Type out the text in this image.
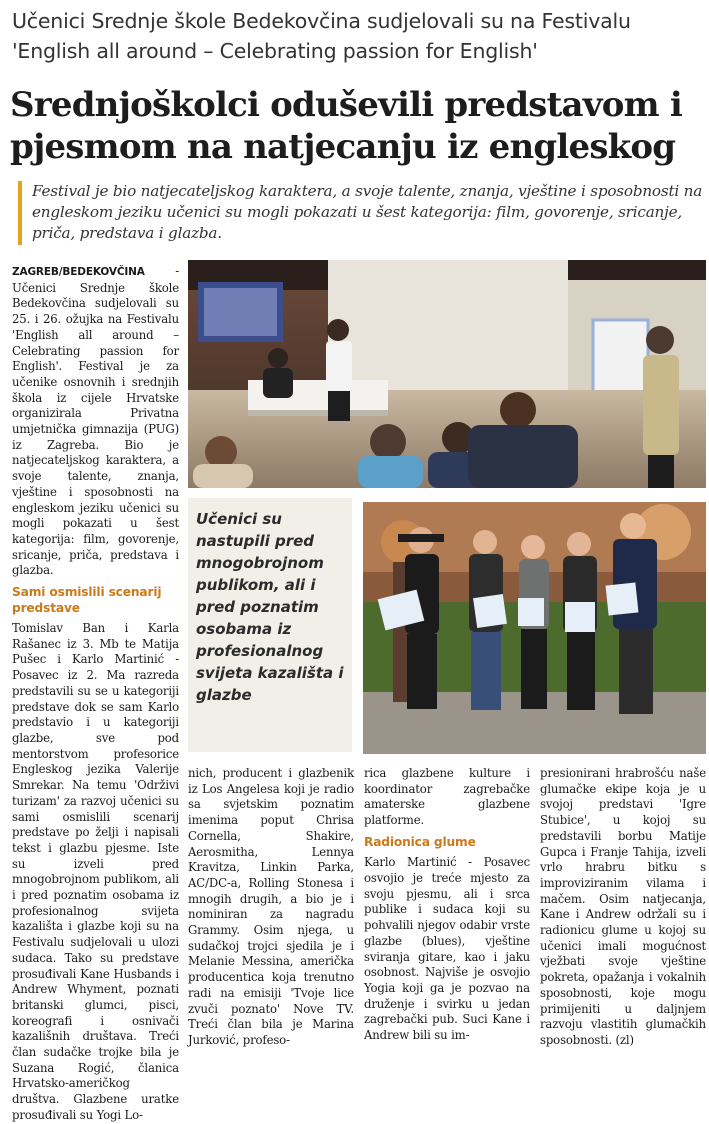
Učenici Srednje škole Bedekovčina sudjelovali su na Festivalu 'English all around – Celebrating passion for English'
Srednjoškolci oduševili predstavom i pjesmom na natjecanju iz engleskog
Festival je bio natjecateljskog karaktera, a svoje talente, znanja, vještine i sposobnosti na engleskom jeziku učenici su mogli pokazati u šest kategorija: film, govorenje, sricanje, priča, predstava i glazba.

ZAGREB/BEDEKOVČINA - Učenici Srednje škole Bedekovčina sudjelovali su 25. i 26. ožujka na Festivalu 'English all around – Celebrating passion for English'. Festival je za učenike osnovnih i srednjih škola iz cijele Hrvatske organizirala Privatna umjetnička gimnazija (PUG) iz Zagreba. Bio je natjecateljskog karaktera, a svoje talente, znanja, vještine i sposobnosti na engleskom jeziku učenici su mogli pokazati u šest kategorija: film, govorenje, sricanje, priča, predstava i glazba.

Sami osmislili scenarij predstave

Tomislav Ban i Karla Rašanec iz 3. Mb te Matija Pušec i Karlo Martinić - Posavec iz 2. Ma razreda predstavili su se u kategoriji predstave dok se sam Karlo predstavio i u kategoriji glazbe, sve pod mentorstvom profesorice Engleskog jezika Valerije Smrekar. Na temu 'Održivi turizam' za razvoj učenici su sami osmislili scenarij predstave po želji i napisali tekst i glazbu pjesme. Iste su izveli pred mnogobrojnom publikom, ali i pred poznatim osobama iz profesionalnog svijeta kazališta i glazbe koji su na Festivalu sudjelovali u ulozi sudaca. Tako su predstave prosuđivali Kane Husbands i Andrew Whyment, poznati britanski glumci, pisci, koreografi i osnivači kazališnih društava. Treći član sudačke trojke bila je Suzana Rogić, članica Hrvatsko-američkog društva. Glazbene uratke prosuđivali su Yogi Lo-

Učenici su nastupili pred mnogobrojnom publikom, ali i pred poznatim osobama iz profesionalnog svijeta kazališta i glazbe

nich, producent i glazbenik iz Los Angelesa koji je radio sa svjetskim poznatim imenima poput Chrisa Cornella, Shakire, Aerosmitha, Lennya Kravitza, Linkin Parka, AC/DC-a, Rolling Stonesa i mnogih drugih, a bio je i nominiran za nagradu Grammy. Osim njega, u sudačkoj trojci sjedila je i Melanie Messina, američka producentica koja trenutno radi na emisiji 'Tvoje lice zvuči poznato' Nove TV. Treći član bila je Marina Jurković, profeso-

rica glazbene kulture i koordinator zagrebačke amaterske glazbene platforme.

Radionica glume

Karlo Martinić - Posavec osvojio je treće mjesto za svoju pjesmu, ali i srca publike i sudaca koji su pohvalili njegov odabir vrste glazbe (blues), vještine sviranja gitare, kao i jaku osobnost. Najviše je osvojio Yogia koji ga je pozvao na druženje i svirku u jedan zagrebački pub. Suci Kane i Andrew bili su im-

presionirani hrabrošću naše glumačke ekipe koja je u svojoj predstavi 'Igre Stubice', u kojoj su predstavili borbu Matije Gupca i Franje Tahija, izveli vrlo hrabru bitku s improviziranim vilama i mačem. Osim natjecanja, Kane i Andrew održali su i radionicu glume u kojoj su učenici imali mogućnost vježbati svoje vještine pokreta, opažanja i vokalnih sposobnosti, koje mogu primijeniti u daljnjem razvoju vlastitih glumačkih sposobnosti. (zl)
